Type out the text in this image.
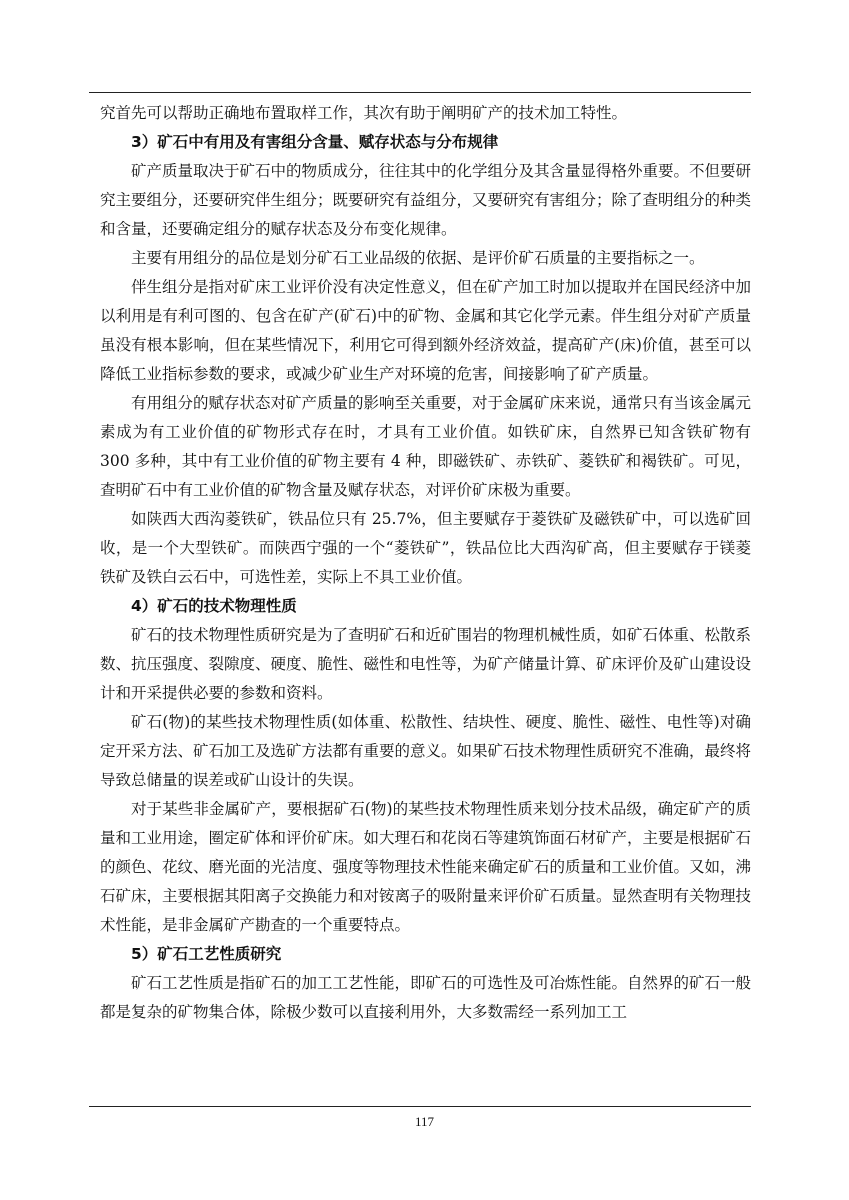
究首先可以帮助正确地布置取样工作，其次有助于阐明矿产的技术加工特性。

3）矿石中有用及有害组分含量、赋存状态与分布规律

矿产质量取决于矿石中的物质成分，往往其中的化学组分及其含量显得格外重要。不但要研究主要组分，还要研究伴生组分；既要研究有益组分，又要研究有害组分；除了查明组分的种类和含量，还要确定组分的赋存状态及分布变化规律。

主要有用组分的品位是划分矿石工业品级的依据、是评价矿石质量的主要指标之一。

伴生组分是指对矿床工业评价没有决定性意义，但在矿产加工时加以提取并在国民经济中加以利用是有利可图的、包含在矿产(矿石)中的矿物、金属和其它化学元素。伴生组分对矿产质量虽没有根本影响，但在某些情况下，利用它可得到额外经济效益，提高矿产(床)价值，甚至可以降低工业指标参数的要求，或减少矿业生产对环境的危害，间接影响了矿产质量。

有用组分的赋存状态对矿产质量的影响至关重要，对于金属矿床来说，通常只有当该金属元素成为有工业价值的矿物形式存在时，才具有工业价值。如铁矿床，自然界已知含铁矿物有 300 多种，其中有工业价值的矿物主要有 4 种，即磁铁矿、赤铁矿、菱铁矿和褐铁矿。可见，查明矿石中有工业价值的矿物含量及赋存状态，对评价矿床极为重要。

如陕西大西沟菱铁矿，铁品位只有 25.7%，但主要赋存于菱铁矿及磁铁矿中，可以选矿回收，是一个大型铁矿。而陕西宁强的一个“菱铁矿”，铁品位比大西沟矿高，但主要赋存于镁菱铁矿及铁白云石中，可选性差，实际上不具工业价值。

4）矿石的技术物理性质

矿石的技术物理性质研究是为了查明矿石和近矿围岩的物理机械性质，如矿石体重、松散系数、抗压强度、裂隙度、硬度、脆性、磁性和电性等，为矿产储量计算、矿床评价及矿山建设设计和开采提供必要的参数和资料。

矿石(物)的某些技术物理性质(如体重、松散性、结块性、硬度、脆性、磁性、电性等)对确定开采方法、矿石加工及选矿方法都有重要的意义。如果矿石技术物理性质研究不准确，最终将导致总储量的误差或矿山设计的失误。

对于某些非金属矿产，要根据矿石(物)的某些技术物理性质来划分技术品级，确定矿产的质量和工业用途，圈定矿体和评价矿床。如大理石和花岗石等建筑饰面石材矿产，主要是根据矿石的颜色、花纹、磨光面的光洁度、强度等物理技术性能来确定矿石的质量和工业价值。又如，沸石矿床，主要根据其阳离子交换能力和对铵离子的吸附量来评价矿石质量。显然查明有关物理技术性能，是非金属矿产勘查的一个重要特点。

5）矿石工艺性质研究

矿石工艺性质是指矿石的加工工艺性能，即矿石的可选性及可冶炼性能。自然界的矿石一般都是复杂的矿物集合体，除极少数可以直接利用外，大多数需经一系列加工工

117
